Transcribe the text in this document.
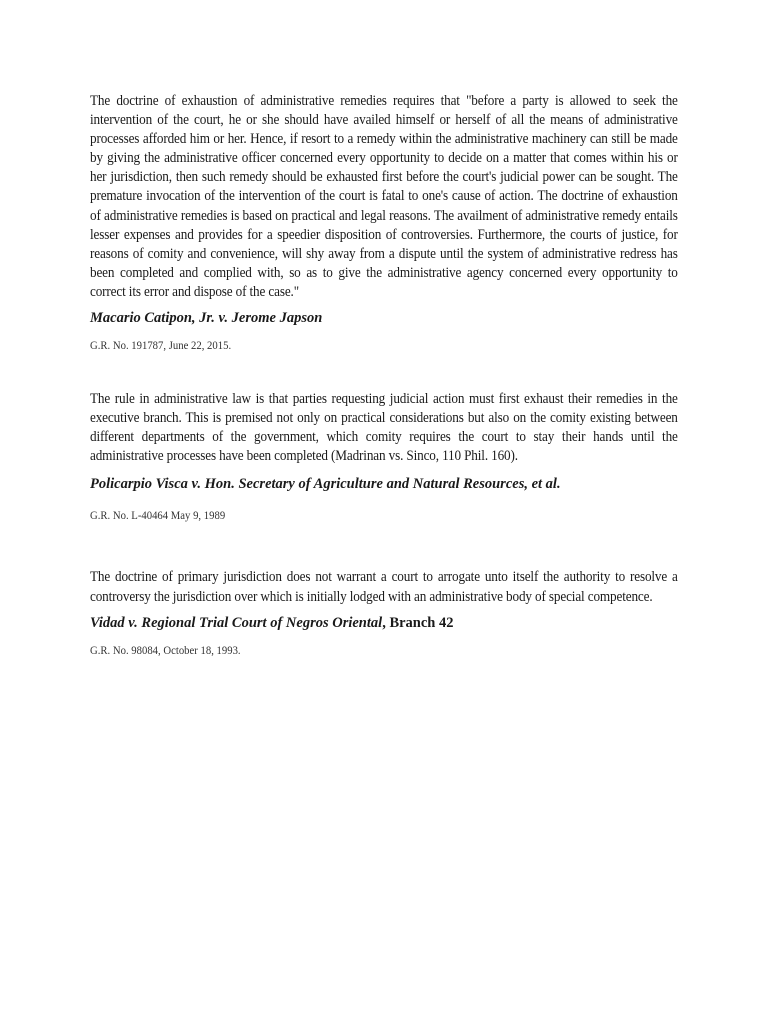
The doctrine of exhaustion of administrative remedies requires that "before a party is allowed to seek the intervention of the court, he or she should have availed himself or herself of all the means of administrative processes afforded him or her. Hence, if resort to a remedy within the administrative machinery can still be made by giving the administrative officer concerned every opportunity to decide on a matter that comes within his or her jurisdiction, then such remedy should be exhausted first before the court's judicial power can be sought. The premature invocation of the intervention of the court is fatal to one's cause of action. The doctrine of exhaustion of administrative remedies is based on practical and legal reasons. The availment of administrative remedy entails lesser expenses and provides for a speedier disposition of controversies. Furthermore, the courts of justice, for reasons of comity and convenience, will shy away from a dispute until the system of administrative redress has been completed and complied with, so as to give the administrative agency concerned every opportunity to correct its error and dispose of the case."

Macario Catipon, Jr. v. Jerome Japson

G.R. No. 191787, June 22, 2015.

The rule in administrative law is that parties requesting judicial action must first exhaust their remedies in the executive branch. This is premised not only on practical considerations but also on the comity existing between different departments of the government, which comity requires the court to stay their hands until the administrative processes have been completed (Madrinan vs. Sinco, 110 Phil. 160).

Policarpio Visca v. Hon. Secretary of Agriculture and Natural Resources, et al.

G.R. No. L-40464 May 9, 1989

The doctrine of primary jurisdiction does not warrant a court to arrogate unto itself the authority to resolve a controversy the jurisdiction over which is initially lodged with an administrative body of special competence.

Vidad v. Regional Trial Court of Negros Oriental, Branch 42

G.R. No. 98084, October 18, 1993.
